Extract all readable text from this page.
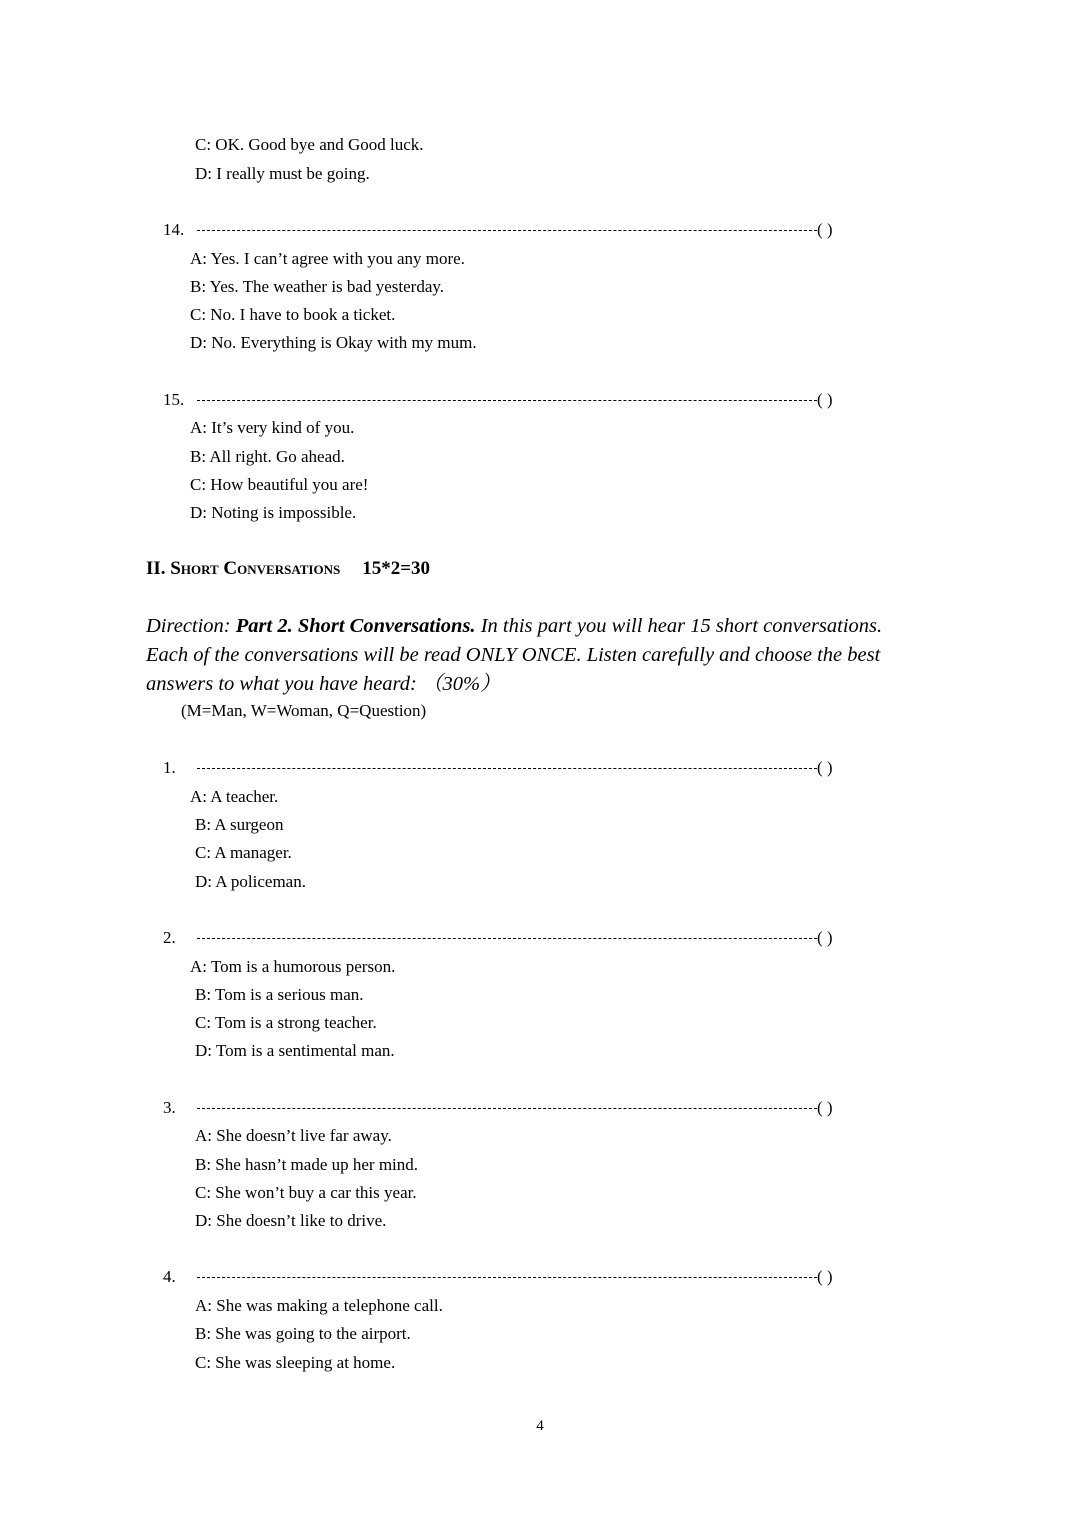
C: OK. Good bye and Good luck.
D: I really must be going.
14.	( )
A: Yes. I can’t agree with you any more.
B: Yes. The weather is bad yesterday.
C: No. I have to book a ticket.
D: No. Everything is Okay with my mum.
15.	( )
A: It’s very kind of you.
B: All right. Go ahead.
C: How beautiful you are!
D: Noting is impossible.
II. Short Conversations 15*2=30
Direction: Part 2. Short Conversations. In this part you will hear 15 short conversations. Each of the conversations will be read ONLY ONCE. Listen carefully and choose the best answers to what you have heard: （30%）
(M=Man, W=Woman, Q=Question)
1.	( )
A: A teacher.
B: A surgeon
C: A manager.
D: A policeman.
2.	( )
A: Tom is a humorous person.
B: Tom is a serious man.
C: Tom is a strong teacher.
D: Tom is a sentimental man.
3.	( )
A: She doesn’t live far away.
B: She hasn’t made up her mind.
C: She won’t buy a car this year.
D: She doesn’t like to drive.
4.	( )
A: She was making a telephone call.
B: She was going to the airport.
C: She was sleeping at home.
4
